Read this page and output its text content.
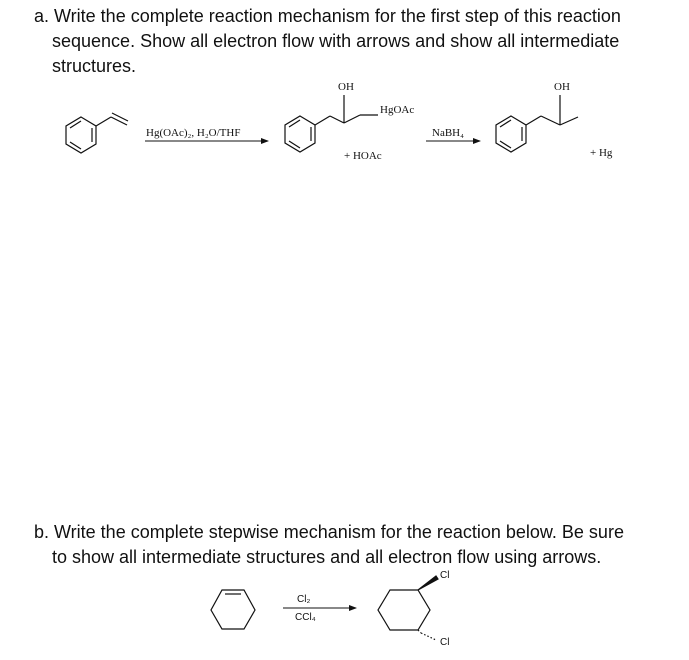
a. Write the complete reaction mechanism for the first step of this reaction

sequence. Show all electron flow with arrows and show all intermediate
structures.

b. Write the complete stepwise mechanism for the reaction below. Be sure

to show all intermediate structures and all electron flow using arrows.

Hg(OAc)₂, H₂O/THF
OH
HgOAc
+ HOAc
NaBH₄
OH
+ Hg
Cl₂
CCl₄
Cl
Cl
